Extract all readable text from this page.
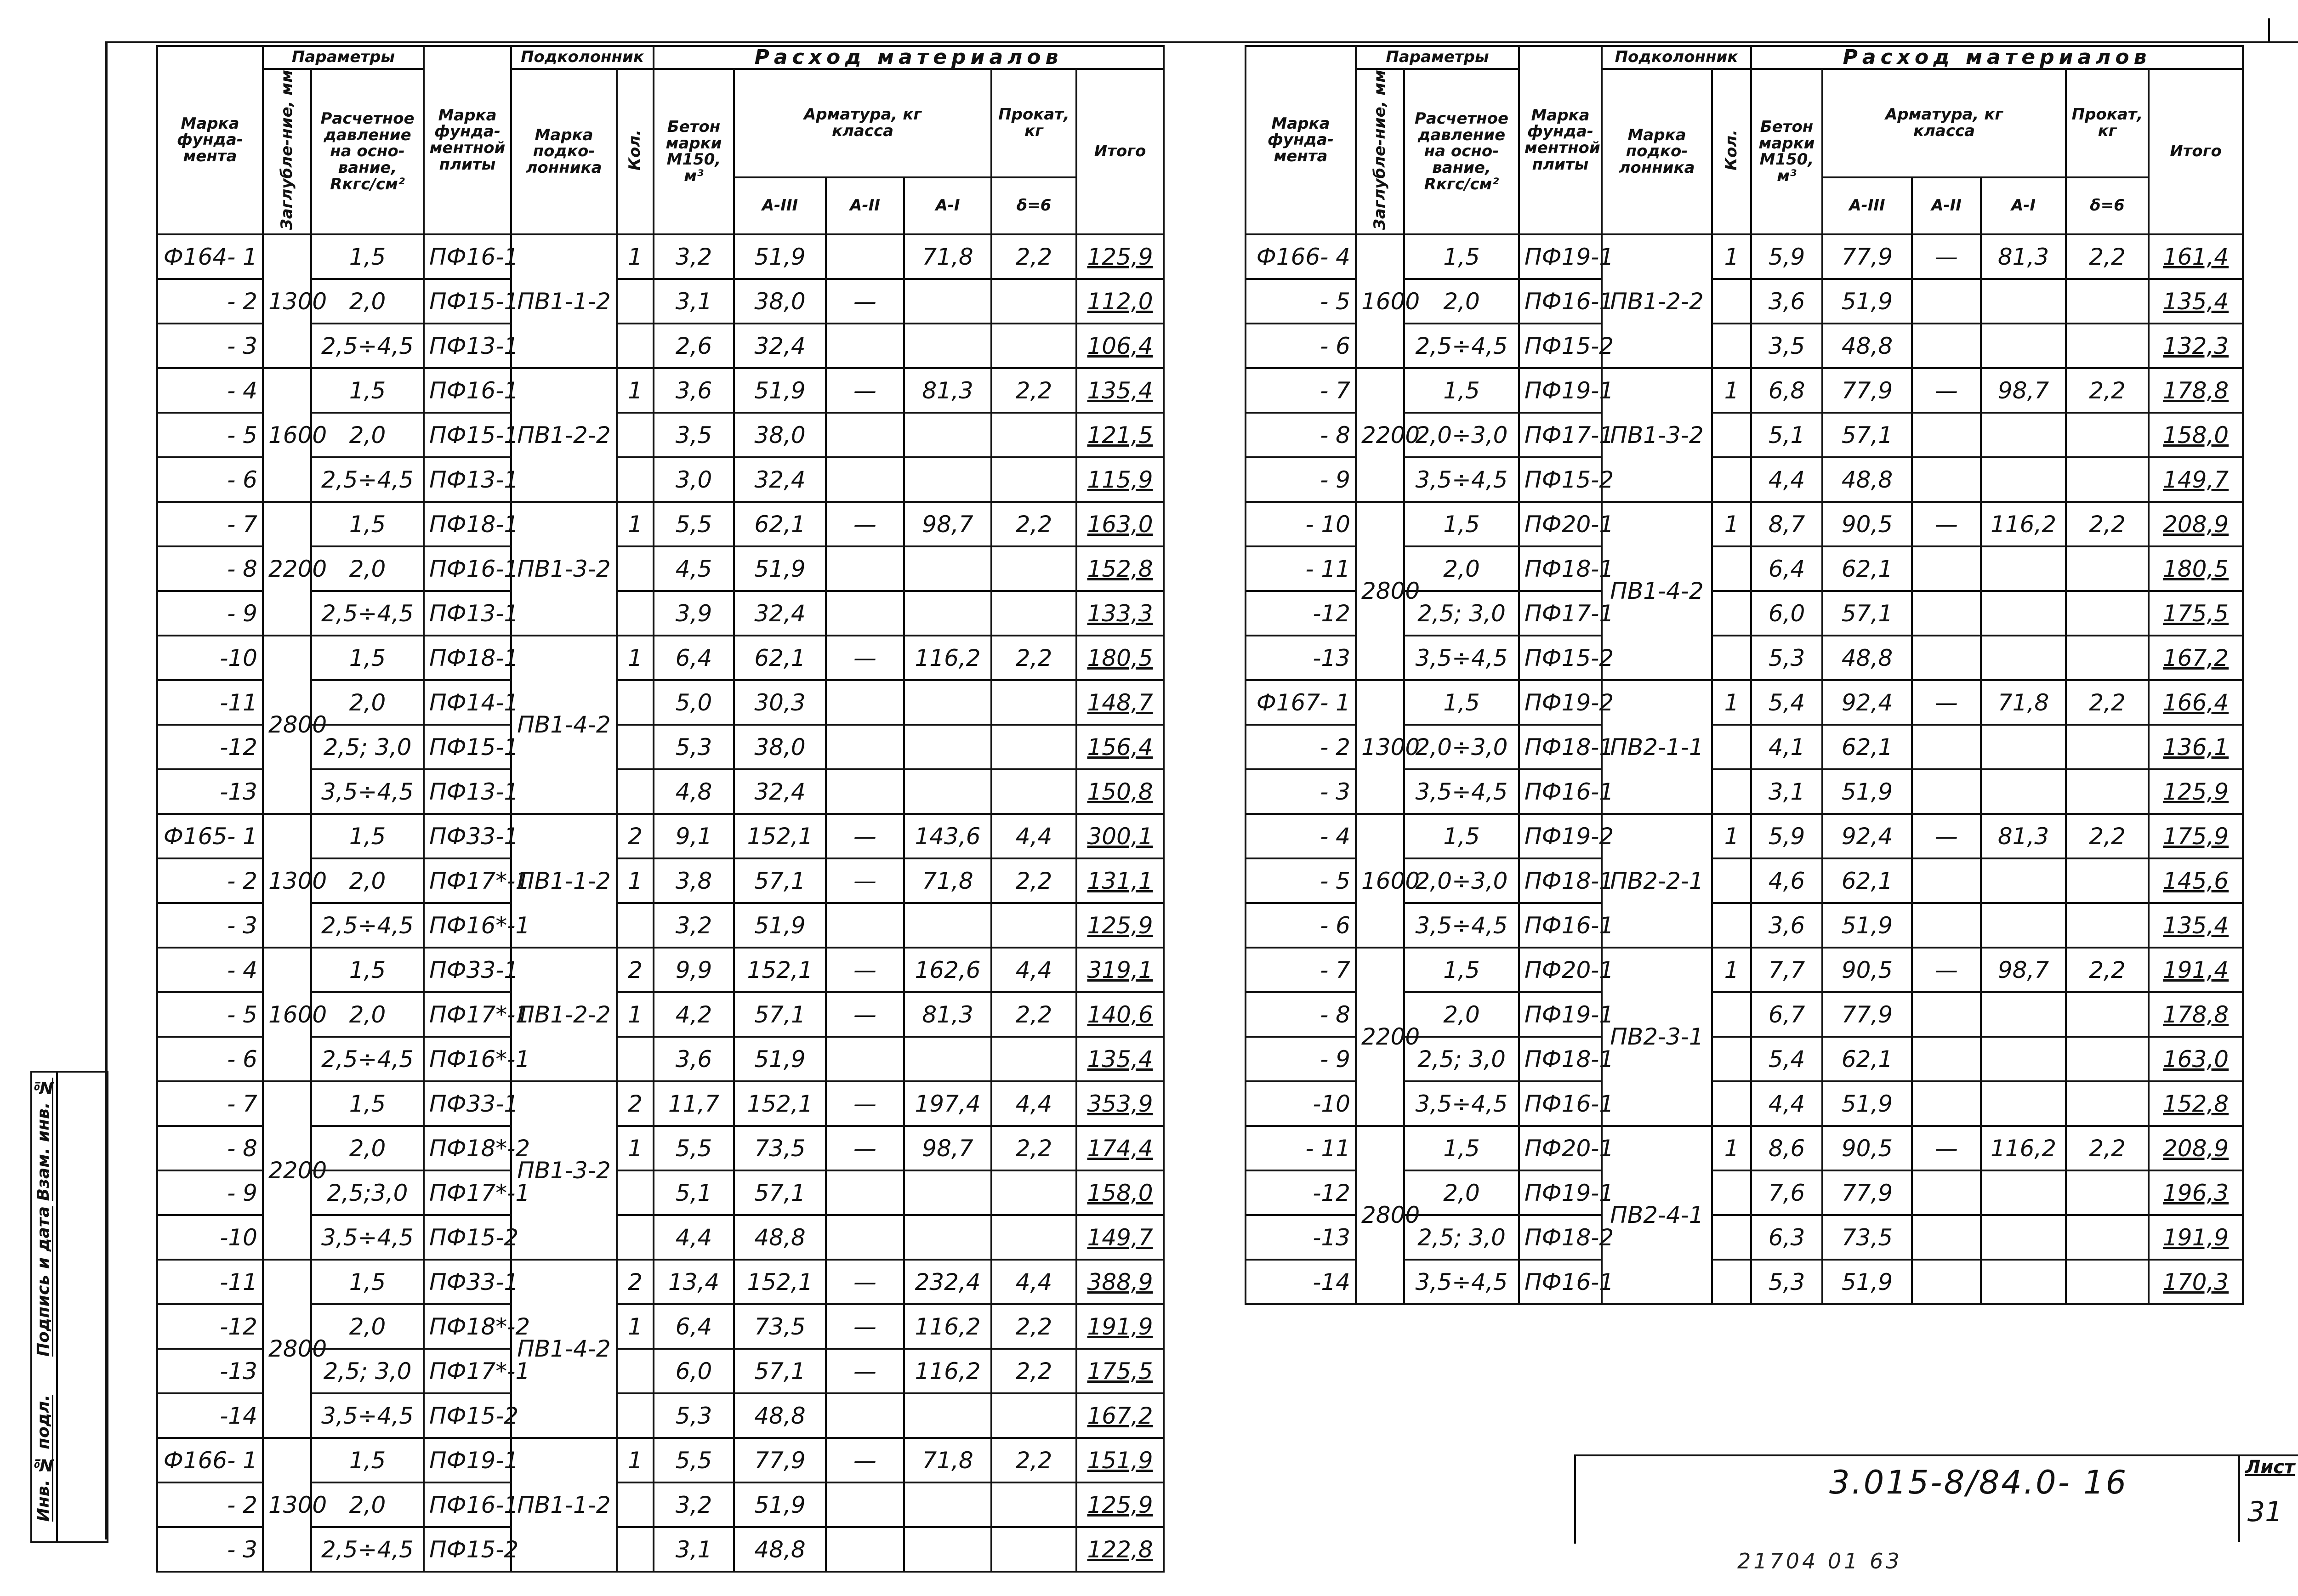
Марка фунда-мента	Параметры		Марка фунда-ментной плиты	Подколонник		Расход материалов					
	Заглубле-ние, мм	Расчетное давление на осно-вание, Rкгс/см²		Марка подко-лонника	Кол.	Бетон марки М150, м³	Арматура, кг
класса			Прокат, кг	Итого
							А-III	А-II	А-I	δ=6	
Ф164- 1	1300	1,5	ПФ16-1	ПВ1-1-2	1	3,2	51,9		71,8	2,2	125,9
- 2		2,0	ПФ15-1			3,1	38,0	—			112,0
- 3		2,5÷4,5	ПФ13-1			2,6	32,4				106,4
- 4	1600	1,5	ПФ16-1	ПВ1-2-2	1	3,6	51,9	—	81,3	2,2	135,4
- 5		2,0	ПФ15-1			3,5	38,0				121,5
- 6		2,5÷4,5	ПФ13-1			3,0	32,4				115,9
- 7	2200	1,5	ПФ18-1	ПВ1-3-2	1	5,5	62,1	—	98,7	2,2	163,0
- 8		2,0	ПФ16-1			4,5	51,9				152,8
- 9		2,5÷4,5	ПФ13-1			3,9	32,4				133,3
-10	2800	1,5	ПФ18-1	ПВ1-4-2	1	6,4	62,1	—	116,2	2,2	180,5
-11		2,0	ПФ14-1			5,0	30,3				148,7
-12		2,5; 3,0	ПФ15-1			5,3	38,0				156,4
-13		3,5÷4,5	ПФ13-1			4,8	32,4				150,8
Ф165- 1	1300	1,5	ПФ33-1	ПВ1-1-2	2	9,1	152,1	—	143,6	4,4	300,1
- 2		2,0	ПФ17*-1		1	3,8	57,1	—	71,8	2,2	131,1
- 3		2,5÷4,5	ПФ16*-1			3,2	51,9				125,9
- 4	1600	1,5	ПФ33-1	ПВ1-2-2	2	9,9	152,1	—	162,6	4,4	319,1
- 5		2,0	ПФ17*-1		1	4,2	57,1	—	81,3	2,2	140,6
- 6		2,5÷4,5	ПФ16*-1			3,6	51,9				135,4
- 7	2200	1,5	ПФ33-1	ПВ1-3-2	2	11,7	152,1	—	197,4	4,4	353,9
- 8		2,0	ПФ18*-2		1	5,5	73,5	—	98,7	2,2	174,4
- 9		2,5;3,0	ПФ17*-1			5,1	57,1				158,0
-10		3,5÷4,5	ПФ15-2			4,4	48,8				149,7
-11	2800	1,5	ПФ33-1	ПВ1-4-2	2	13,4	152,1	—	232,4	4,4	388,9
-12		2,0	ПФ18*-2		1	6,4	73,5	—	116,2	2,2	191,9
-13		2,5; 3,0	ПФ17*-1			6,0	57,1	—	116,2	2,2	175,5
-14		3,5÷4,5	ПФ15-2			5,3	48,8				167,2
Ф166- 1	1300	1,5	ПФ19-1	ПВ1-1-2	1	5,5	77,9	—	71,8	2,2	151,9
- 2		2,0	ПФ16-1			3,2	51,9				125,9
- 3		2,5÷4,5	ПФ15-2			3,1	48,8				122,8
Марка фунда-мента	Параметры		Марка фунда-ментной плиты	Подколонник		Расход материалов					
	Заглубле-ние, мм	Расчетное давление на осно-вание, Rкгс/см²		Марка подко-лонника	Кол.	Бетон марки М150, м³	Арматура, кг
класса			Прокат, кг	Итого
							А-III	А-II	А-I	δ=6	
Ф166- 4	1600	1,5	ПФ19-1	ПВ1-2-2	1	5,9	77,9	—	81,3	2,2	161,4
- 5		2,0	ПФ16-1			3,6	51,9				135,4
- 6		2,5÷4,5	ПФ15-2			3,5	48,8				132,3
- 7	2200	1,5	ПФ19-1	ПВ1-3-2	1	6,8	77,9	—	98,7	2,2	178,8
- 8		2,0÷3,0	ПФ17-1			5,1	57,1				158,0
- 9		3,5÷4,5	ПФ15-2			4,4	48,8				149,7
- 10	2800	1,5	ПФ20-1	ПВ1-4-2	1	8,7	90,5	—	116,2	2,2	208,9
- 11		2,0	ПФ18-1			6,4	62,1				180,5
-12		2,5; 3,0	ПФ17-1			6,0	57,1				175,5
-13		3,5÷4,5	ПФ15-2			5,3	48,8				167,2
Ф167- 1	1300	1,5	ПФ19-2	ПВ2-1-1	1	5,4	92,4	—	71,8	2,2	166,4
- 2		2,0÷3,0	ПФ18-1			4,1	62,1				136,1
- 3		3,5÷4,5	ПФ16-1			3,1	51,9				125,9
- 4	1600	1,5	ПФ19-2	ПВ2-2-1	1	5,9	92,4	—	81,3	2,2	175,9
- 5		2,0÷3,0	ПФ18-1			4,6	62,1				145,6
- 6		3,5÷4,5	ПФ16-1			3,6	51,9				135,4
- 7	2200	1,5	ПФ20-1	ПВ2-3-1	1	7,7	90,5	—	98,7	2,2	191,4
- 8		2,0	ПФ19-1			6,7	77,9				178,8
- 9		2,5; 3,0	ПФ18-1			5,4	62,1				163,0
-10		3,5÷4,5	ПФ16-1			4,4	51,9				152,8
- 11	2800	1,5	ПФ20-1	ПВ2-4-1	1	8,6	90,5	—	116,2	2,2	208,9
-12		2,0	ПФ19-1			7,6	77,9				196,3
-13		2,5; 3,0	ПФ18-2			6,3	73,5				191,9
-14		3,5÷4,5	ПФ16-1			5,3	51,9				170,3
3.015-8/84.0- 16	Лист
31
21704 01 63
Инв. № подл.
Подпись и дата
Взам. инв. №
